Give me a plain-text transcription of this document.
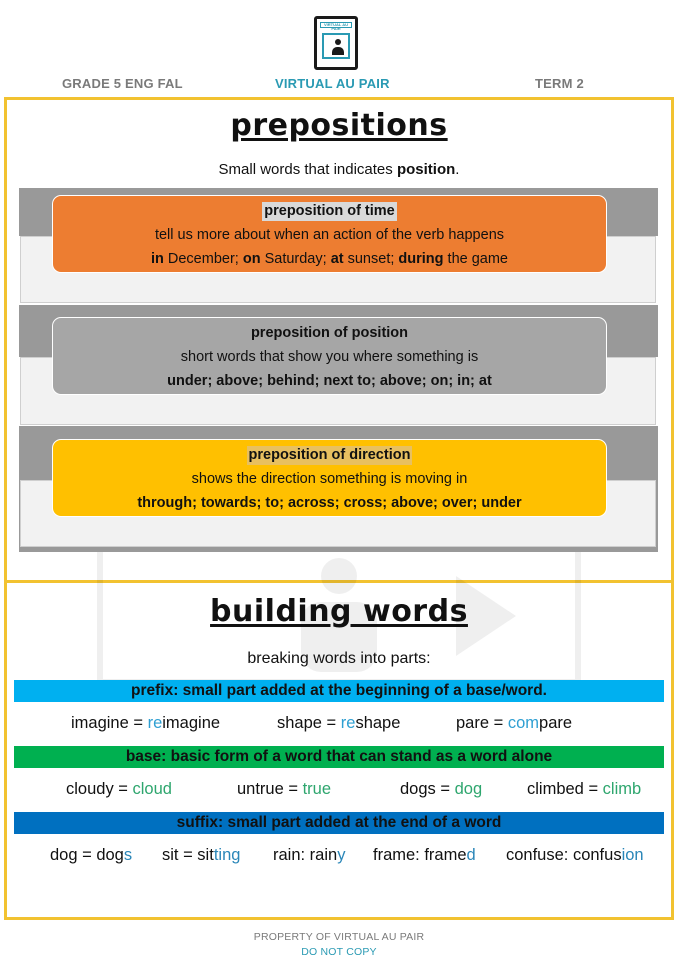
VIRTUAL AU PAIR
GRADE 5 ENG FAL	VIRTUAL AU PAIR	TERM 2
prepositions
Small words that indicates position.
preposition of time
tell us more about when an action of the verb happens
in December; on Saturday; at sunset; during the game
preposition of position
short words that show you where something is
under; above; behind; next to; above; on; in; at
preposition of direction
shows the direction something is moving in
through; towards; to; across; cross; above; over; under
building words
breaking words into parts:
prefix: small part added at the beginning of a base/word.
imagine = reimagine	shape = reshape	pare = compare
base: basic form of a word that can stand as a word alone
cloudy = cloud	untrue = true	dogs = dog	climbed = climb
suffix: small part added at the end of a word
dog = dogs sit = sitting rain: rainy frame: framed confuse: confusion
PROPERTY OF VIRTUAL AU PAIR
DO NOT COPY
